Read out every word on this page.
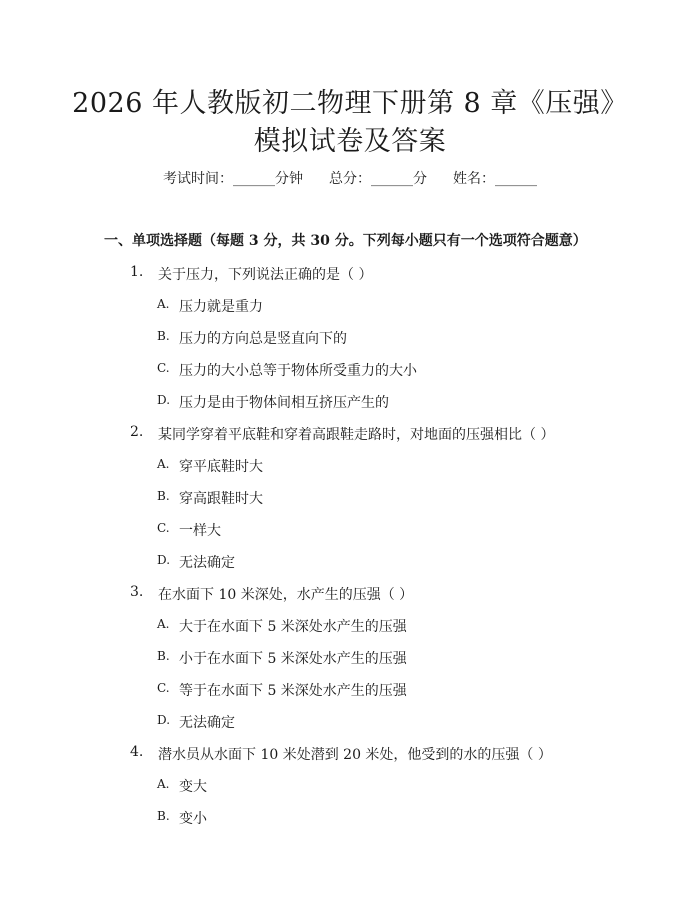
2026 年人教版初二物理下册第 8 章《压强》
模拟试卷及答案
考试时间：______分钟 总分：______分 姓名：______
一、单项选择题（每题 3 分，共 30 分。下列每小题只有一个选项符合题意）
1.	关于压力，下列说法正确的是（ ）
A. 压力就是重力
B. 压力的方向总是竖直向下的
C. 压力的大小总等于物体所受重力的大小
D. 压力是由于物体间相互挤压产生的
2.	某同学穿着平底鞋和穿着高跟鞋走路时，对地面的压强相比（ ）
A. 穿平底鞋时大
B. 穿高跟鞋时大
C. 一样大
D. 无法确定
3.	在水面下 10 米深处，水产生的压强（ ）
A. 大于在水面下 5 米深处水产生的压强
B. 小于在水面下 5 米深处水产生的压强
C. 等于在水面下 5 米深处水产生的压强
D. 无法确定
4.	潜水员从水面下 10 米处潜到 20 米处，他受到的水的压强（ ）
A. 变大
B. 变小
